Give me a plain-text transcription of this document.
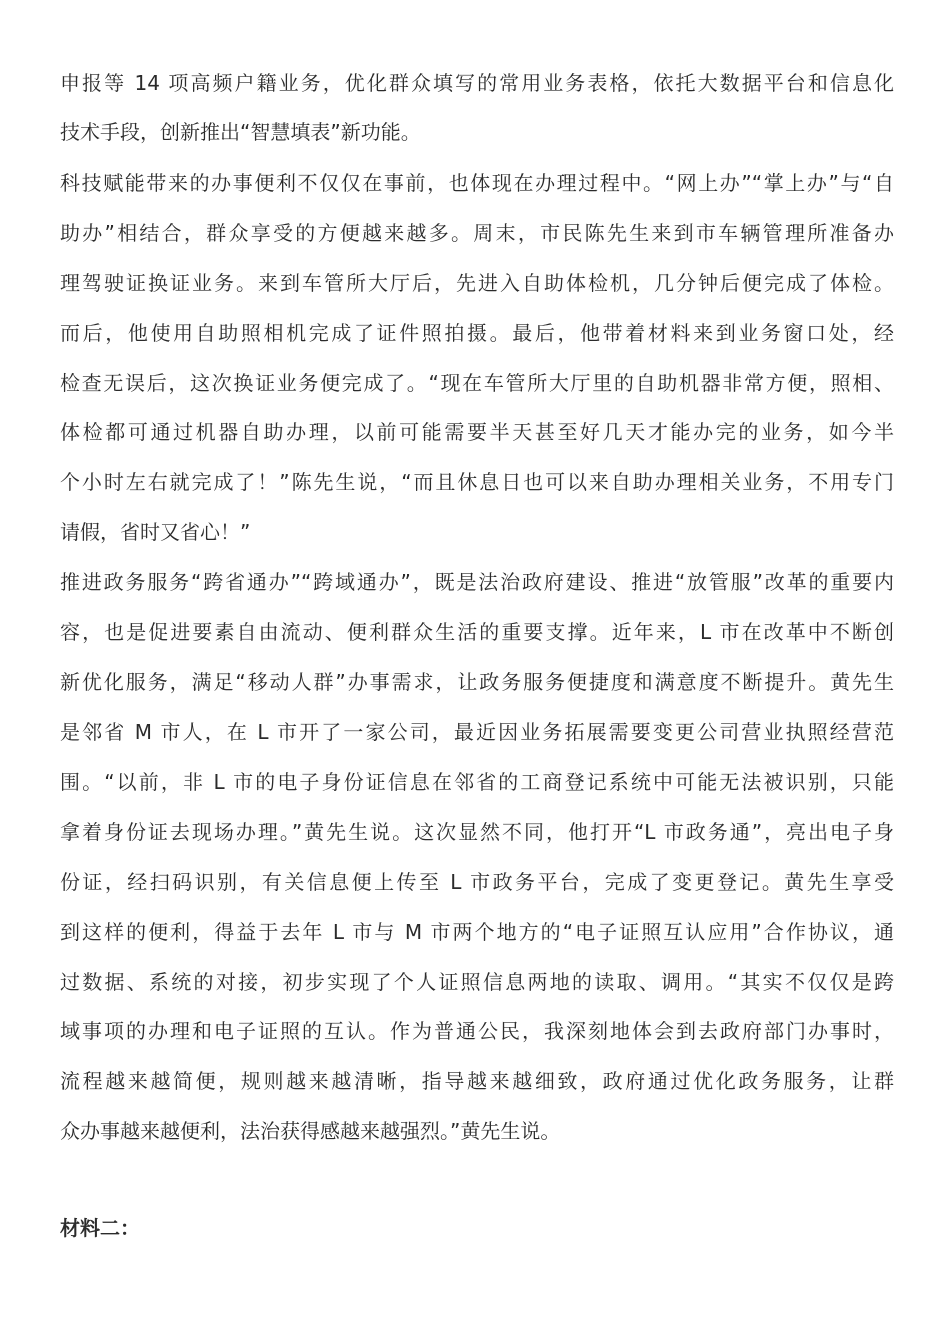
申报等 14 项高频户籍业务，优化群众填写的常用业务表格，依托大数据平台和信息化
技术手段，创新推出“智慧填表”新功能。
科技赋能带来的办事便利不仅仅在事前，也体现在办理过程中。“网上办”“掌上办”与“自
助办”相结合，群众享受的方便越来越多。周末，市民陈先生来到市车辆管理所准备办
理驾驶证换证业务。来到车管所大厅后，先进入自助体检机，几分钟后便完成了体检。
而后，他使用自助照相机完成了证件照拍摄。最后，他带着材料来到业务窗口处，经
检查无误后，这次换证业务便完成了。“现在车管所大厅里的自助机器非常方便，照相、
体检都可通过机器自助办理，以前可能需要半天甚至好几天才能办完的业务，如今半
个小时左右就完成了！”陈先生说，“而且休息日也可以来自助办理相关业务，不用专门
请假，省时又省心！”
推进政务服务“跨省通办”“跨域通办”，既是法治政府建设、推进“放管服”改革的重要内
容，也是促进要素自由流动、便利群众生活的重要支撑。近年来，L 市在改革中不断创
新优化服务，满足“移动人群”办事需求，让政务服务便捷度和满意度不断提升。黄先生
是邻省 M 市人，在 L 市开了一家公司，最近因业务拓展需要变更公司营业执照经营范
围。“以前，非 L 市的电子身份证信息在邻省的工商登记系统中可能无法被识别，只能
拿着身份证去现场办理。”黄先生说。这次显然不同，他打开“L 市政务通”，亮出电子身
份证，经扫码识别，有关信息便上传至 L 市政务平台，完成了变更登记。黄先生享受
到这样的便利，得益于去年 L 市与 M 市两个地方的“电子证照互认应用”合作协议，通
过数据、系统的对接，初步实现了个人证照信息两地的读取、调用。“其实不仅仅是跨
域事项的办理和电子证照的互认。作为普通公民，我深刻地体会到去政府部门办事时，
流程越来越简便，规则越来越清晰，指导越来越细致，政府通过优化政务服务，让群
众办事越来越便利，法治获得感越来越强烈。”黄先生说。
材料二：
